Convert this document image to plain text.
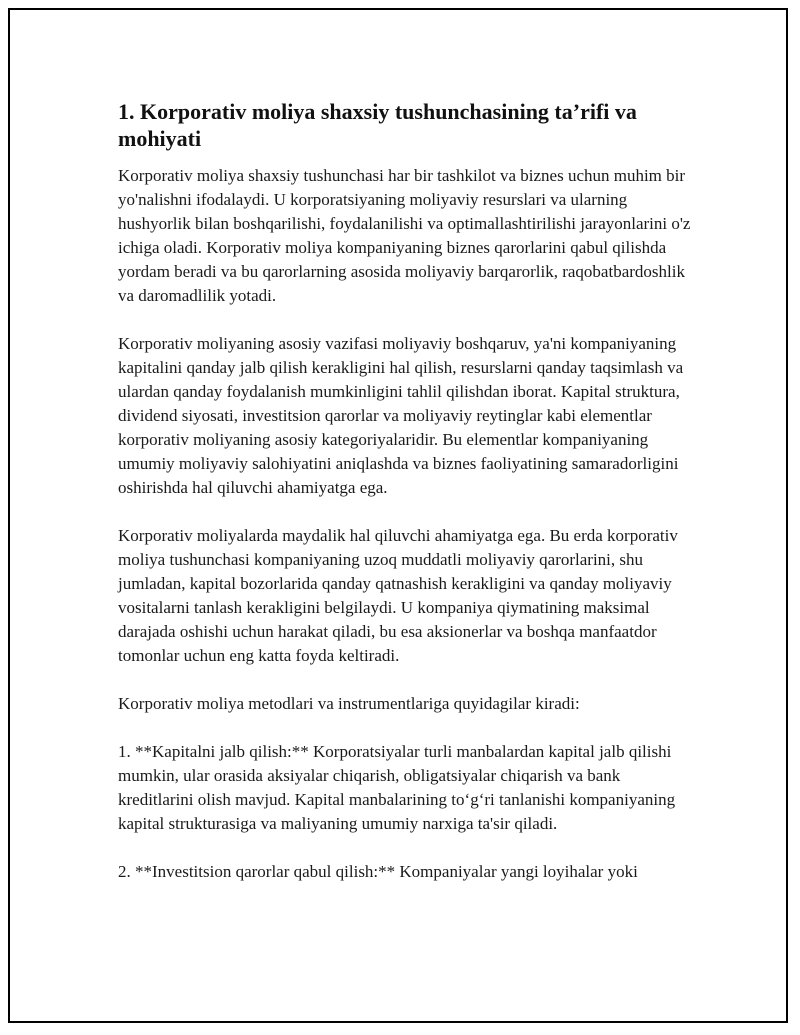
1. Korporativ moliya shaxsiy tushunchasining ta’rifi va mohiyati

Korporativ moliya shaxsiy tushunchasi har bir tashkilot va biznes uchun muhim bir yo'nalishni ifodalaydi. U korporatsiyaning moliyaviy resurslari va ularning hushyorlik bilan boshqarilishi, foydalanilishi va optimallashtirilishi jarayonlarini o'z ichiga oladi. Korporativ moliya kompaniyaning biznes qarorlarini qabul qilishda yordam beradi va bu qarorlarning asosida moliyaviy barqarorlik, raqobatbardoshlik va daromadlilik yotadi.

Korporativ moliyaning asosiy vazifasi moliyaviy boshqaruv, ya'ni kompaniyaning kapitalini qanday jalb qilish kerakligini hal qilish, resurslarni qanday taqsimlash va ulardan qanday foydalanish mumkinligini tahlil qilishdan iborat. Kapital struktura, dividend siyosati, investitsion qarorlar va moliyaviy reytinglar kabi elementlar korporativ moliyaning asosiy kategoriyalaridir. Bu elementlar kompaniyaning umumiy moliyaviy salohiyatini aniqlashda va biznes faoliyatining samaradorligini oshirishda hal qiluvchi ahamiyatga ega.

Korporativ moliyalarda maydalik hal qiluvchi ahamiyatga ega. Bu erda korporativ moliya tushunchasi kompaniyaning uzoq muddatli moliyaviy qarorlarini, shu jumladan, kapital bozorlarida qanday qatnashish kerakligini va qanday moliyaviy vositalarni tanlash kerakligini belgilaydi. U kompaniya qiymatining maksimal darajada oshishi uchun harakat qiladi, bu esa aksionerlar va boshqa manfaatdor tomonlar uchun eng katta foyda keltiradi.

Korporativ moliya metodlari va instrumentlariga quyidagilar kiradi:

1. **Kapitalni jalb qilish:** Korporatsiyalar turli manbalardan kapital jalb qilishi mumkin, ular orasida aksiyalar chiqarish, obligatsiyalar chiqarish va bank kreditlarini olish mavjud. Kapital manbalarining to‘g‘ri tanlanishi kompaniyaning kapital strukturasiga va maliyaning umumiy narxiga ta'sir qiladi.

2. **Investitsion qarorlar qabul qilish:** Kompaniyalar yangi loyihalar yoki
